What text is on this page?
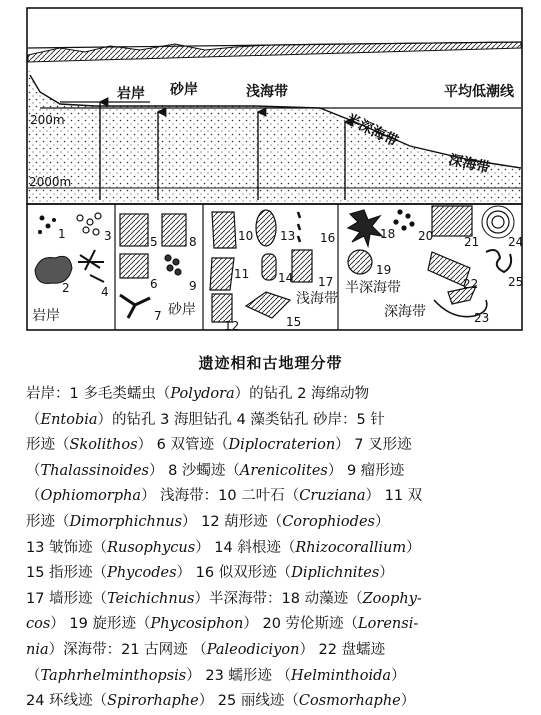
岩岸 砂岸	浅海带	平均低潮线
半深海带
深海带
200m
2000m
岩岸	砂岸
浅海带
半深海带
深海带
1
2
3
4
5
6
7
8
9
10
11
12
13
14
15
16
17
18
19
20	21
22
23
24
25
遗迹相和古地理分带
岩岸：1 多毛类蠕虫（Polydora）的钻孔 2 海绵动物
（Entobia）的钻孔 3 海胆钻孔 4 藻类钻孔 砂岸：5 针
形迹（Skolithos） 6 双管迹（Diplocraterion） 7 叉形迹
（Thalassinoides） 8 沙蠋迹（Arenicolites） 9 瘤形迹
（Ophiomorpha） 浅海带：10 二叶石（Cruziana） 11 双
形迹（Dimorphichnus） 12 葫形迹（Corophiodes）
13 皱饰迹（Rusophycus） 14 斜根迹（Rhizocorallium）
15 指形迹（Phycodes） 16 似双形迹（Diplichnites）
17 墙形迹（Teichichnus）半深海带：18 动藻迹（Zoophy-
cos） 19 旋形迹（Phycosiphon） 20 劳伦斯迹（Lorensi-
nia）深海带：21 古网迹 （Paleodiciyon） 22 盘蠕迹
（Taphrhelminthopsis） 23 蠕形迹 （Helminthoida）
24 环线迹（Spirorhaphe） 25 丽线迹（Cosmorhaphe）
